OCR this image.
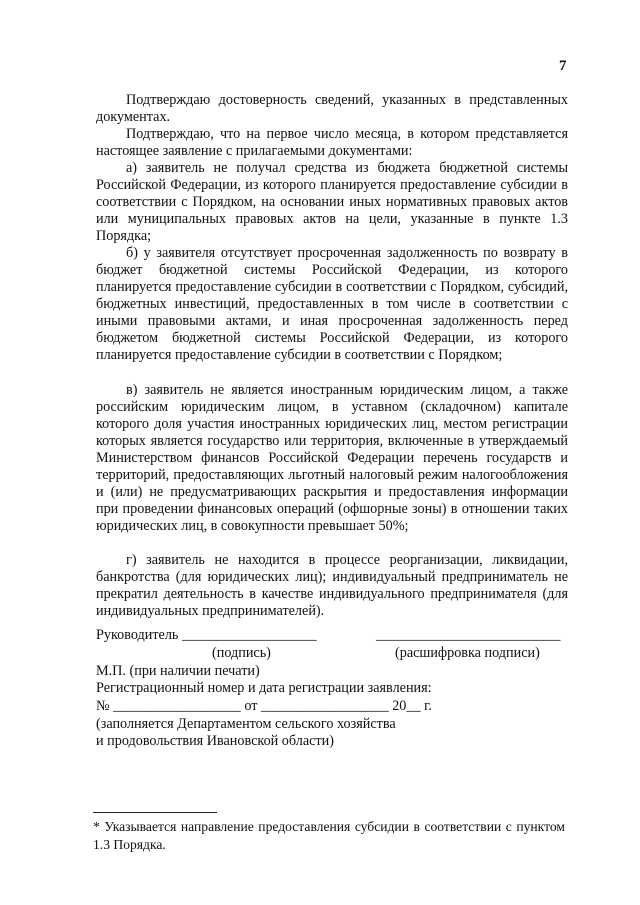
7

Подтверждаю достоверность сведений, указанных в представленных документах.

Подтверждаю, что на первое число месяца, в котором представляется настоящее заявление с прилагаемыми документами:

а) заявитель не получал средства из бюджета бюджетной системы Российской Федерации, из которого планируется предоставление субсидии в соответствии с Порядком, на основании иных нормативных правовых актов или муниципальных правовых актов на цели, указанные в пункте 1.3 Порядка;

б) у заявителя отсутствует просроченная задолженность по возврату в бюджет бюджетной системы Российской Федерации, из которого планируется предоставление субсидии в соответствии с Порядком, субсидий, бюджетных инвестиций, предоставленных в том числе в соответствии с иными правовыми актами, и иная просроченная задолженность перед бюджетом бюджетной системы Российской Федерации, из которого планируется предоставление субсидии в соответствии с Порядком;

в) заявитель не является иностранным юридическим лицом, а также российским юридическим лицом, в уставном (складочном) капитале которого доля участия иностранных юридических лиц, местом регистрации которых является государство или территория, включенные в утверждаемый Министерством финансов Российской Федерации перечень государств и территорий, предоставляющих льготный налоговый режим налогообложения и (или) не предусматривающих раскрытия и предоставления информации при проведении финансовых операций (офшорные зоны) в отношении таких юридических лиц, в совокупности превышает 50%;

г) заявитель не находится в процессе реорганизации, ликвидации, банкротства (для юридических лиц); индивидуальный предприниматель не прекратил деятельность в качестве индивидуального предпринимателя (для индивидуальных предпринимателей).

Руководитель ___________________	__________________________

(подпись)	(расшифровка подписи)

М.П. (при наличии печати)

Регистрационный номер и дата регистрации заявления:

№ __________________ от __________________ 20__ г.

(заполняется Департаментом сельского хозяйства

и продовольствия Ивановской области)

* Указывается направление предоставления субсидии в соответствии с пунктом 1.3 Порядка.
